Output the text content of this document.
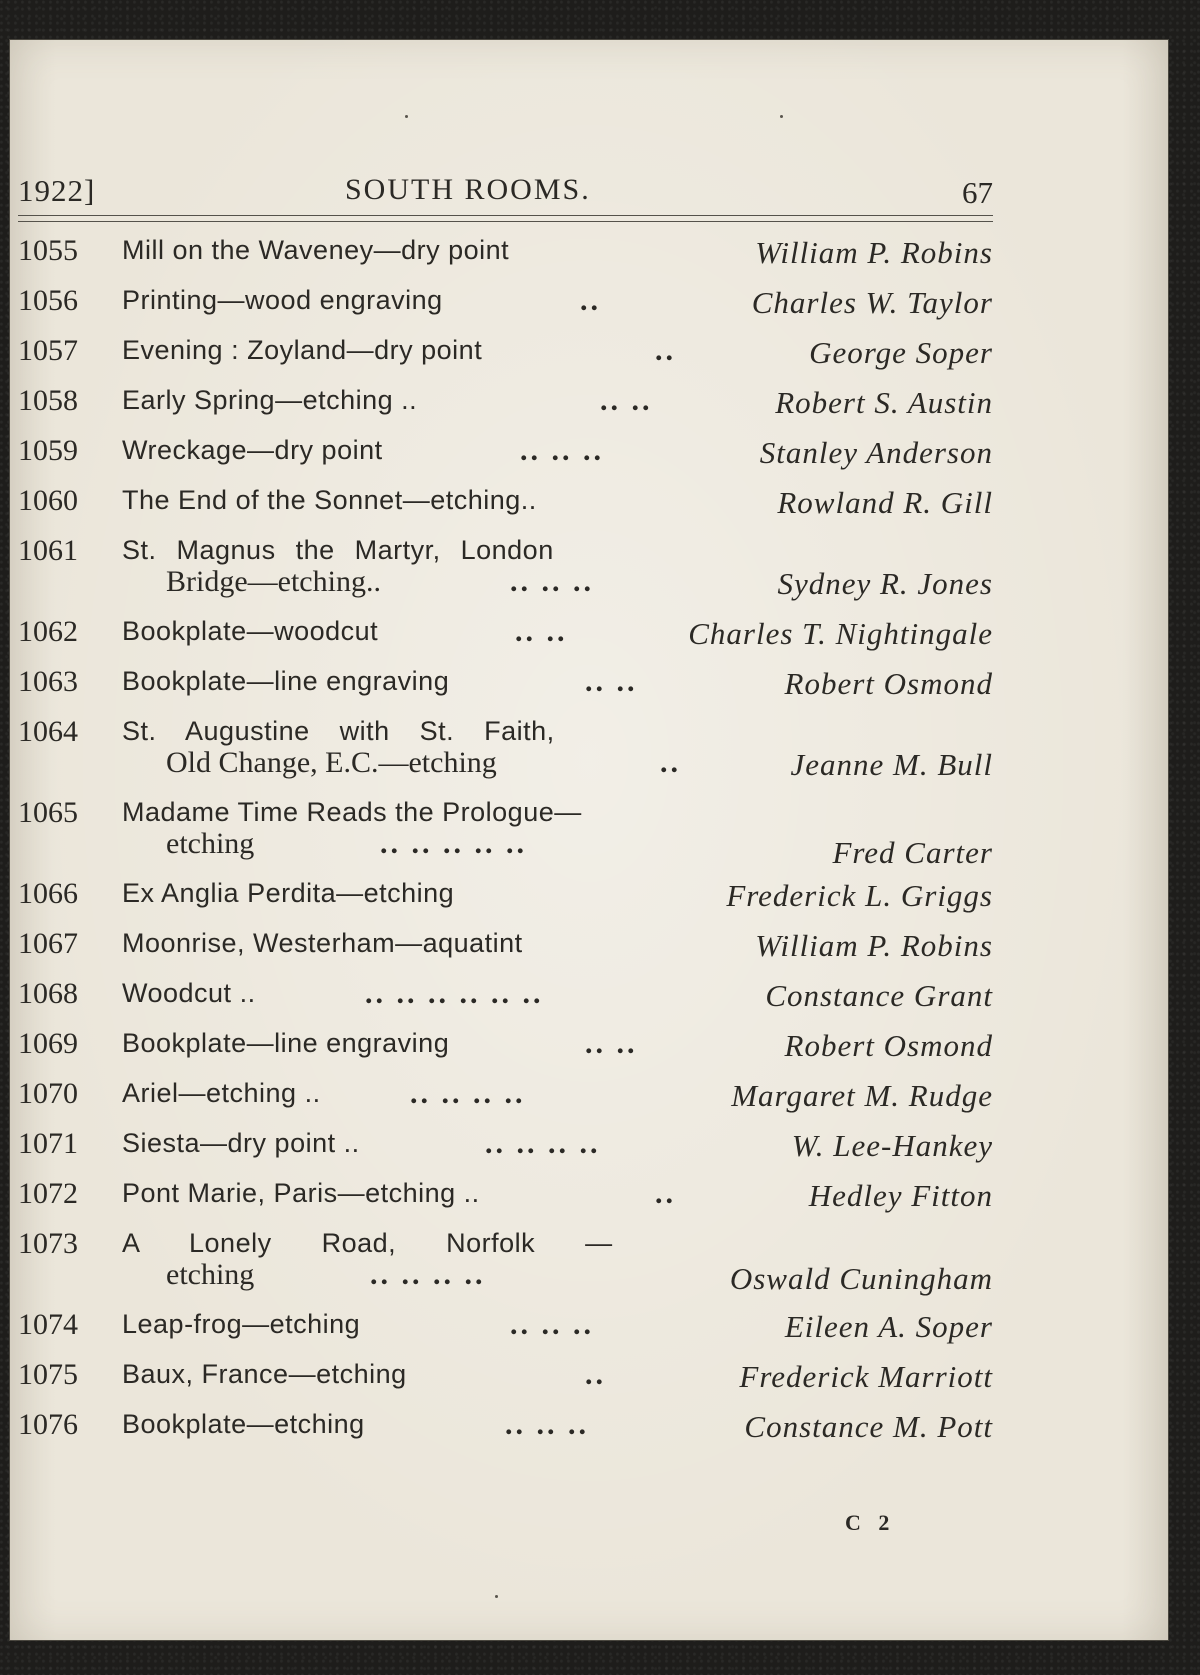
1922]	SOUTH ROOMS.	67
1055	Mill on the Waveney—dry point	William P. Robins
1056	Printing—wood engraving	..	Charles W. Taylor
1057	Evening : Zoyland—dry point	..	George Soper
1058	Early Spring—etching ..	.. ..	Robert S. Austin
1059	Wreckage—dry point	.. .. ..	Stanley Anderson
1060	The End of the Sonnet—etching..	Rowland R. Gill
1061	St. Magnus the Martyr, London
Bridge—etching..	.. .. ..	Sydney R. Jones
1062	Bookplate—woodcut	.. ..	Charles T. Nightingale
1063	Bookplate—line engraving	.. ..	Robert Osmond
1064	St. Augustine with St. Faith,
Old Change, E.C.—etching	..	Jeanne M. Bull
1065	Madame Time Reads the Prologue—
etching	.. .. .. .. ..	Fred Carter
1066	Ex Anglia Perdita—etching	Frederick L. Griggs
1067	Moonrise, Westerham—aquatint	William P. Robins
1068	Woodcut ..	.. .. .. .. .. ..	Constance Grant
1069	Bookplate—line engraving	.. ..	Robert Osmond
1070	Ariel—etching ..	.. .. .. ..	Margaret M. Rudge
1071	Siesta—dry point ..	.. .. .. ..	W. Lee-Hankey
1072	Pont Marie, Paris—etching ..	..	Hedley Fitton
1073	A Lonely Road, Norfolk —
etching	.. .. .. ..	Oswald Cuningham
1074	Leap-frog—etching	.. .. ..	Eileen A. Soper
1075	Baux, France—etching	..	Frederick Marriott
1076	Bookplate—etching	.. .. ..	Constance M. Pott
C 2
